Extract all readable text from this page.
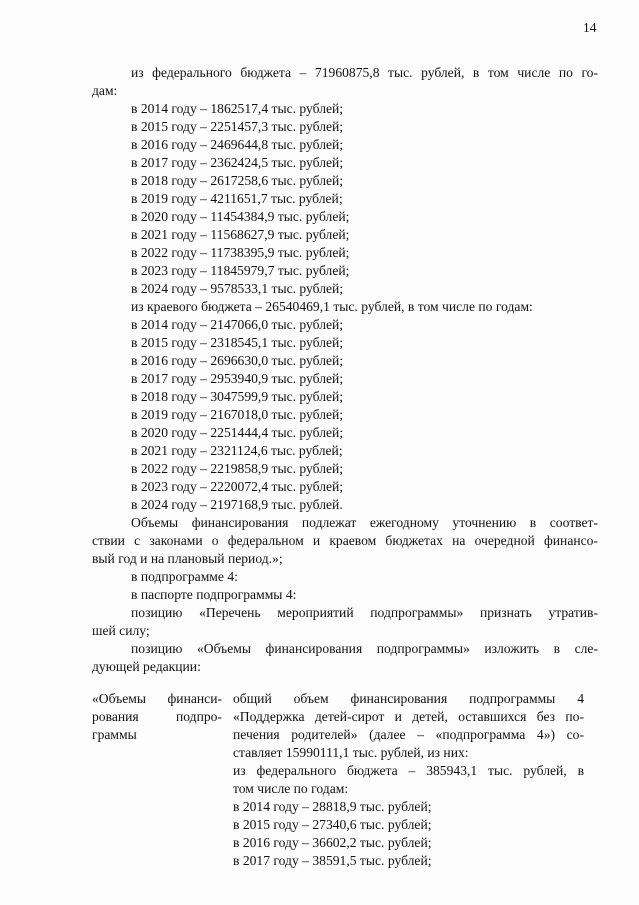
14
из федерального бюджета – 71960875,8 тыс. рублей, в том числе по го-
дам:
в 2014 году – 1862517,4 тыс. рублей;
в 2015 году – 2251457,3 тыс. рублей;
в 2016 году – 2469644,8 тыс. рублей;
в 2017 году – 2362424,5 тыс. рублей;
в 2018 году – 2617258,6 тыс. рублей;
в 2019 году – 4211651,7 тыс. рублей;
в 2020 году – 11454384,9 тыс. рублей;
в 2021 году – 11568627,9 тыс. рублей;
в 2022 году – 11738395,9 тыс. рублей;
в 2023 году – 11845979,7 тыс. рублей;
в 2024 году – 9578533,1 тыс. рублей;
из краевого бюджета – 26540469,1 тыс. рублей, в том числе по годам:
в 2014 году – 2147066,0 тыс. рублей;
в 2015 году – 2318545,1 тыс. рублей;
в 2016 году – 2696630,0 тыс. рублей;
в 2017 году – 2953940,9 тыс. рублей;
в 2018 году – 3047599,9 тыс. рублей;
в 2019 году – 2167018,0 тыс. рублей;
в 2020 году – 2251444,4 тыс. рублей;
в 2021 году – 2321124,6 тыс. рублей;
в 2022 году – 2219858,9 тыс. рублей;
в 2023 году – 2220072,4 тыс. рублей;
в 2024 году – 2197168,9 тыс. рублей.
Объемы финансирования подлежат ежегодному уточнению в соответ-
ствии с законами о федеральном и краевом бюджетах на очередной финансо-
вый год и на плановый период.»;
в подпрограмме 4:
в паспорте подпрограммы 4:
позицию «Перечень мероприятий подпрограммы» признать утратив-
шей силу;
позицию «Объемы финансирования подпрограммы» изложить в сле-
дующей редакции:
«Объемы финанси-
рования подпро-
граммы
общий объем финансирования подпрограммы 4
«Поддержка детей-сирот и детей, оставшихся без по-
печения родителей» (далее – «подпрограмма 4») со-
ставляет 15990111,1 тыс. рублей, из них:
из федерального бюджета – 385943,1 тыс. рублей, в
том числе по годам:
в 2014 году – 28818,9 тыс. рублей;
в 2015 году – 27340,6 тыс. рублей;
в 2016 году – 36602,2 тыс. рублей;
в 2017 году – 38591,5 тыс. рублей;
